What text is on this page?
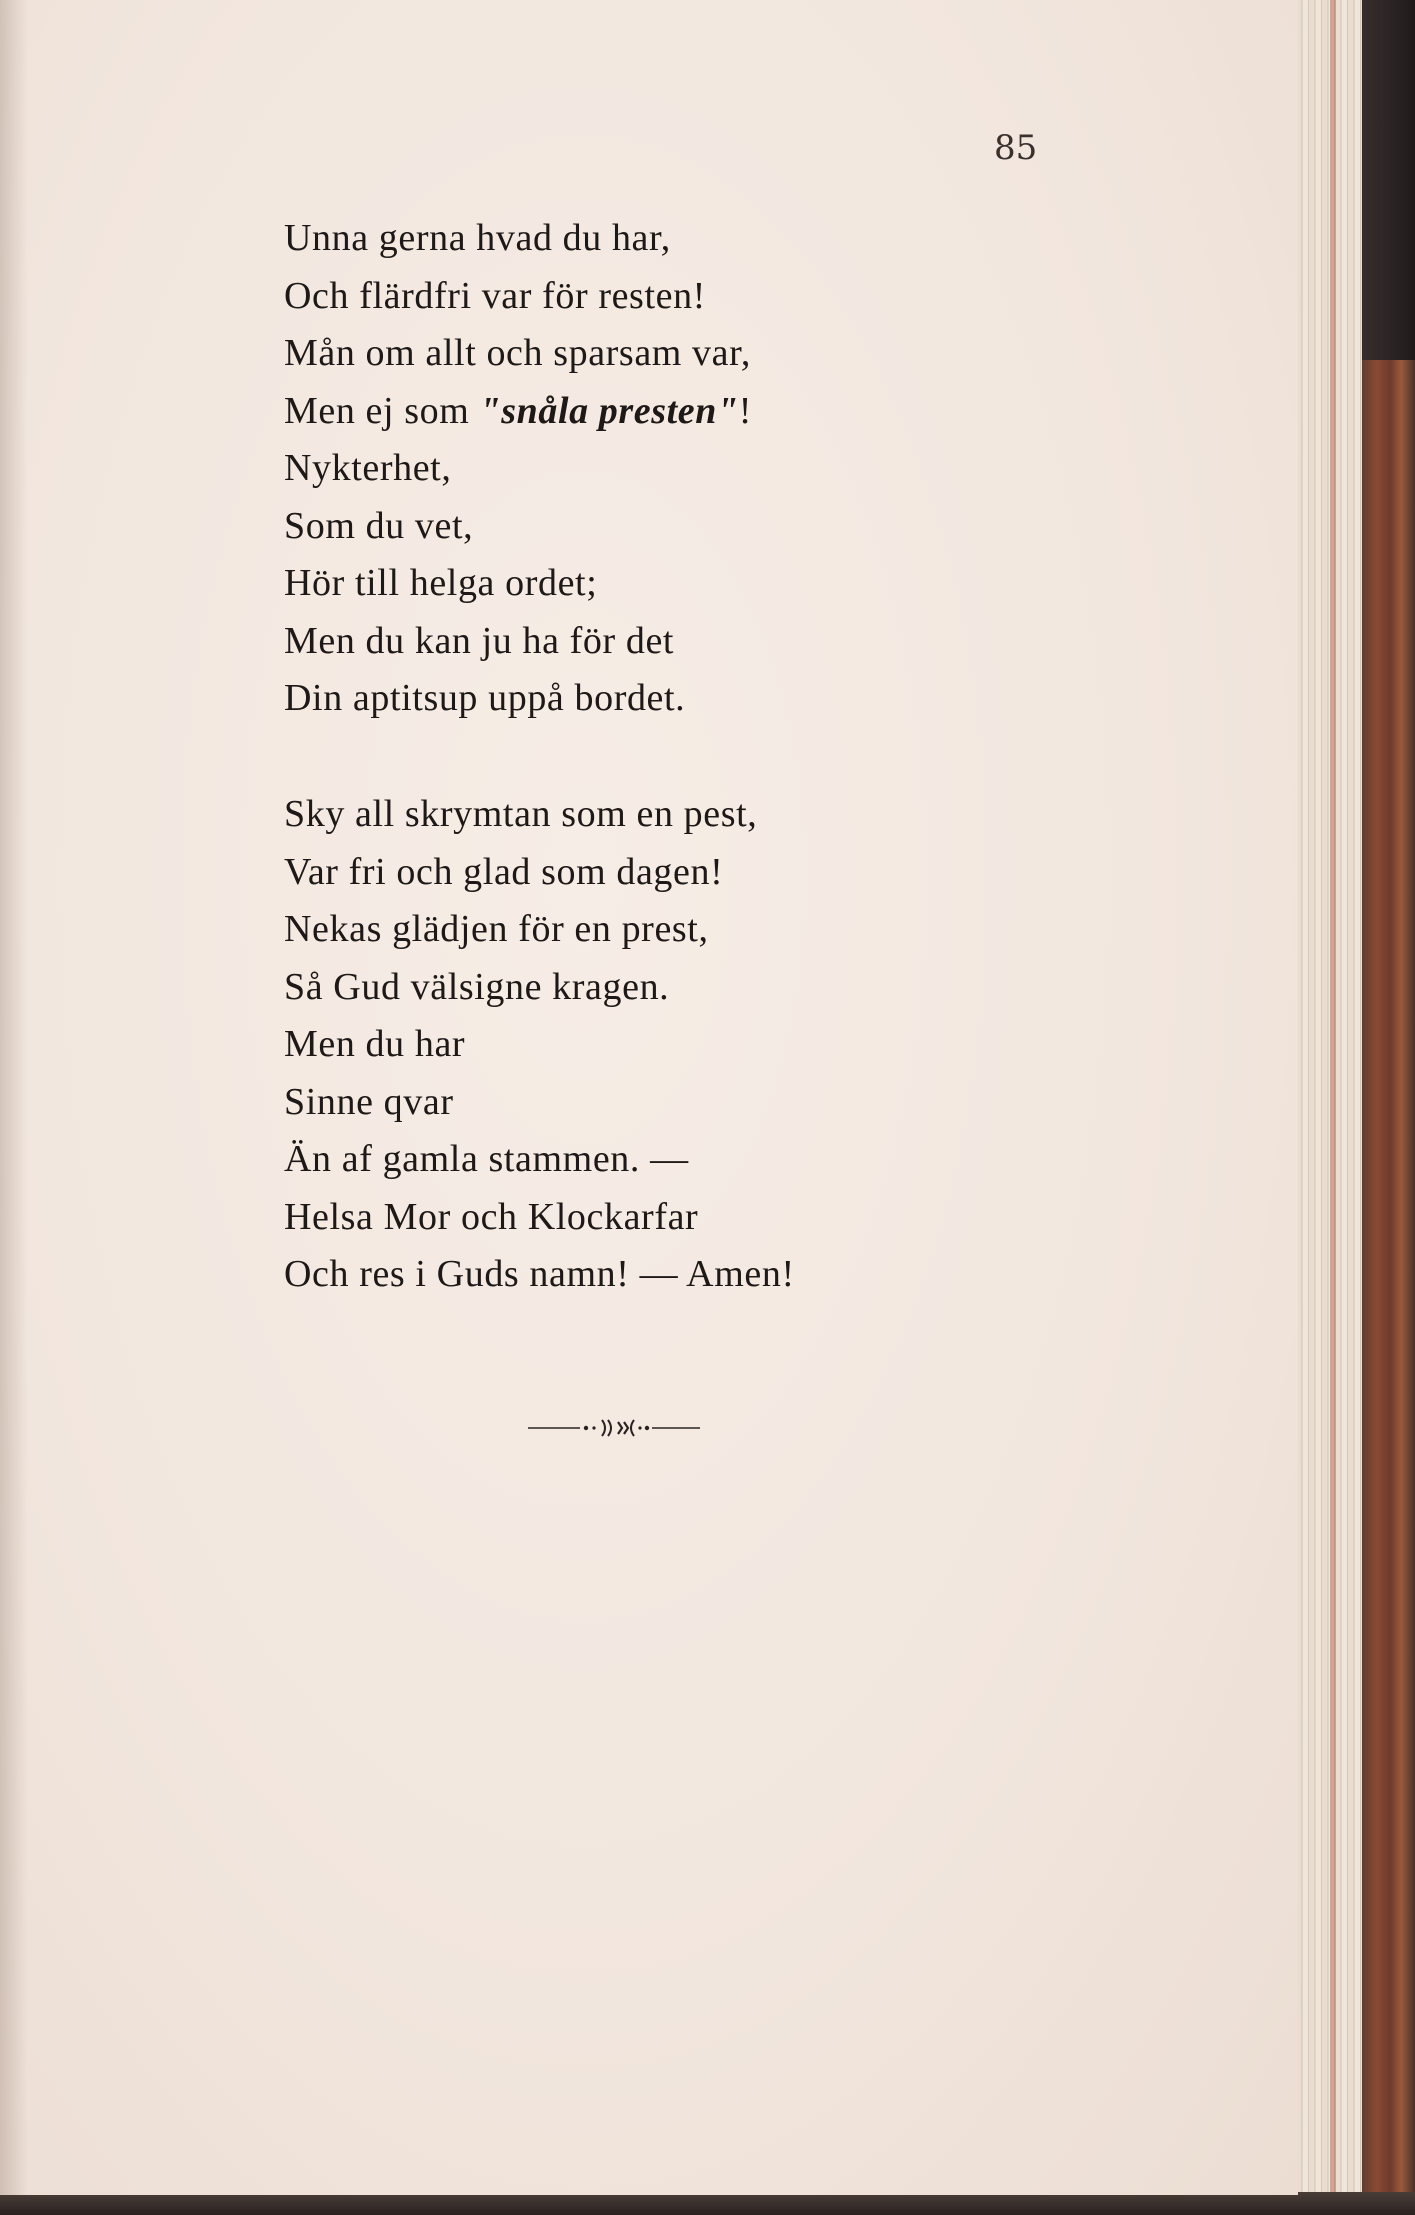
85

Unna gerna hvad du har,
Och flärdfri var för resten!
Mån om allt och sparsam var,
Men ej som "snåla presten"!
Nykterhet,
Som du vet,
Hör till helga ordet;
Men du kan ju ha för det
Din aptitsup uppå bordet.
Sky all skrymtan som en pest,
Var fri och glad som dagen!
Nekas glädjen för en prest,
Så Gud välsigne kragen.
Men du har
Sinne qvar
Än af gamla stammen. —
Helsa Mor och Klockarfar
Och res i Guds namn! — Amen!
